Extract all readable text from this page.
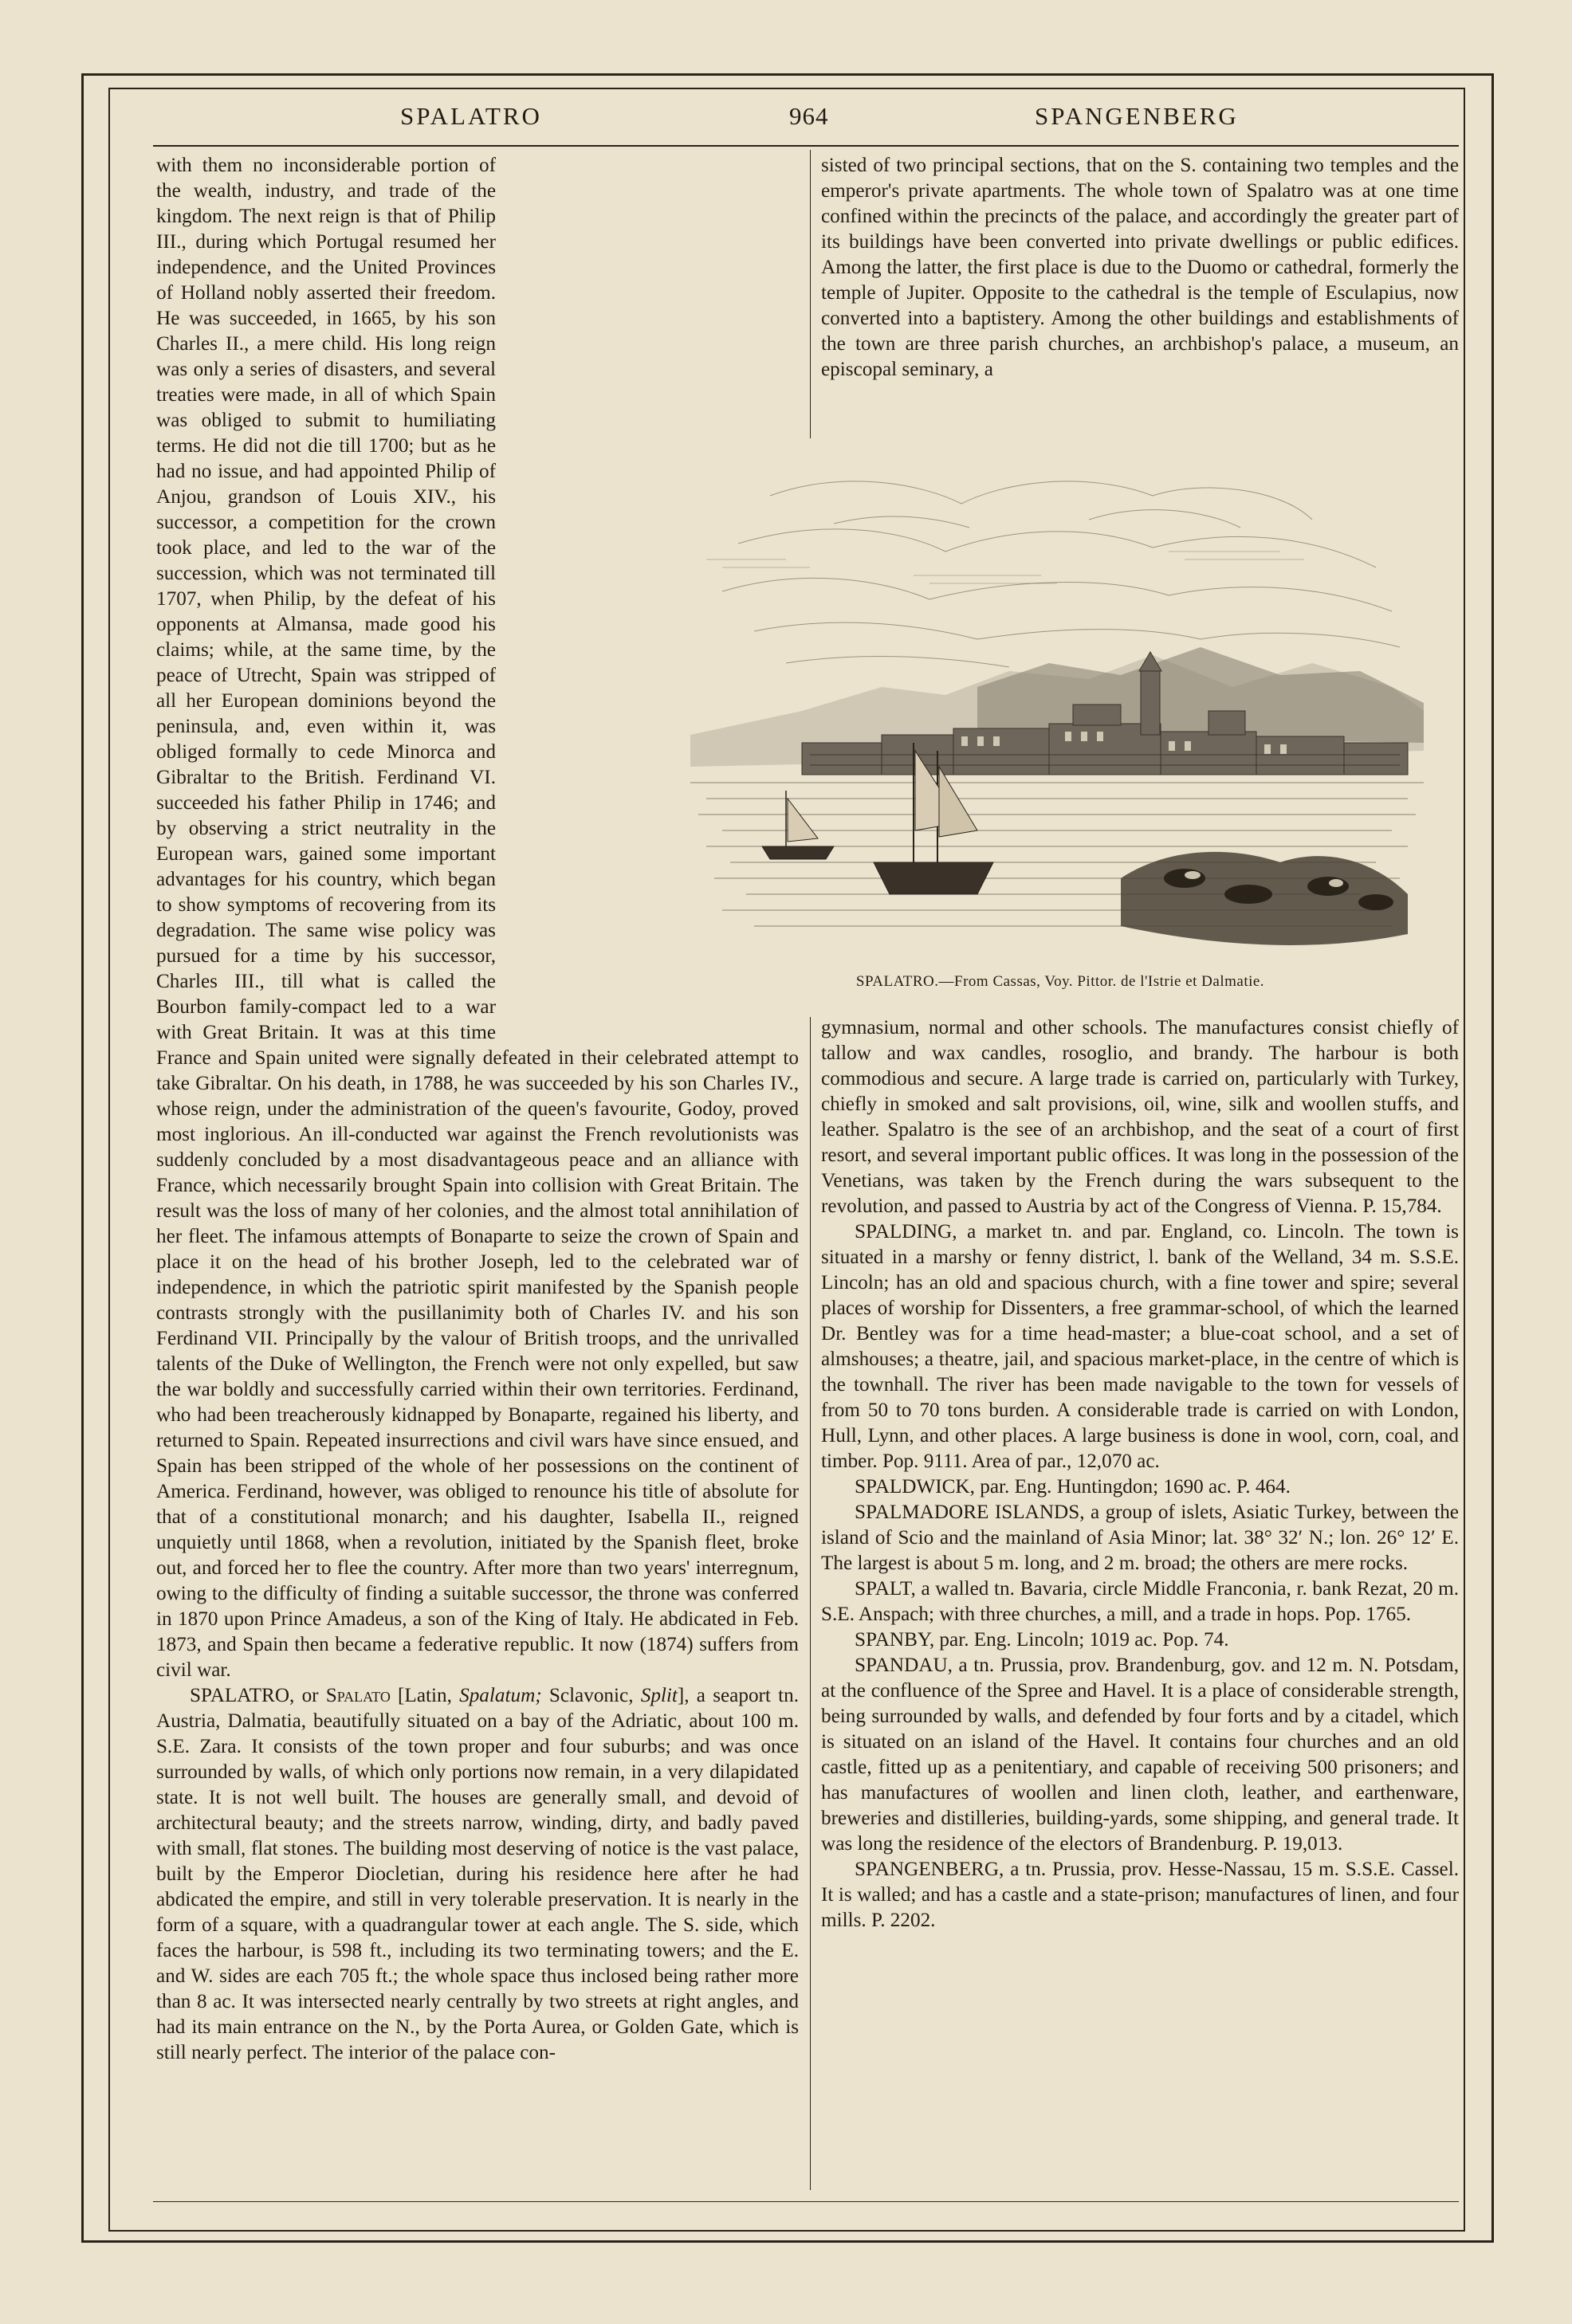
SPALATRO	964	SPANGENBERG

with them no inconsiderable portion of the wealth, industry, and trade of the kingdom. The next reign is that of Philip III., during which Portugal resumed her independence, and the United Provinces of Holland nobly asserted their freedom. He was succeeded, in 1665, by his son Charles II., a mere child. His long reign was only a series of disasters, and several treaties were made, in all of which Spain was obliged to submit to humiliating terms. He did not die till 1700; but as he had no issue, and had appointed Philip of Anjou, grandson of Louis XIV., his successor, a competition for the crown took place, and led to the war of the succession, which was not terminated till 1707, when Philip, by the defeat of his opponents at Almansa, made good his claims; while, at the same time, by the peace of Utrecht, Spain was stripped of all her European dominions beyond the peninsula, and, even within it, was obliged formally to cede Minorca and Gibraltar to the British. Ferdinand VI. succeeded his father Philip in 1746; and by observing a strict neutrality in the European wars, gained some important advantages for his country, which began to show symptoms of recovering from its degradation. The same wise policy was pursued for a time by his successor, Charles III., till what is called the Bourbon family-compact led to a war with Great Britain. It was at this time France and Spain united were signally defeated in their celebrated attempt to take Gibraltar. On his death, in 1788, he was succeeded by his son Charles IV., whose reign, under the administration of the queen's favourite, Godoy, proved most inglorious. An ill-conducted war against the French revolutionists was suddenly concluded by a most disadvantageous peace and an alliance with France, which necessarily brought Spain into collision with Great Britain. The result was the loss of many of her colonies, and the almost total annihilation of her fleet. The infamous attempts of Bonaparte to seize the crown of Spain and place it on the head of his brother Joseph, led to the celebrated war of independence, in which the patriotic spirit manifested by the Spanish people contrasts strongly with the pusillanimity both of Charles IV. and his son Ferdinand VII. Principally by the valour of British troops, and the unrivalled talents of the Duke of Wellington, the French were not only expelled, but saw the war boldly and successfully carried within their own territories. Ferdinand, who had been treacherously kidnapped by Bonaparte, regained his liberty, and returned to Spain. Repeated insurrections and civil wars have since ensued, and Spain has been stripped of the whole of her possessions on the continent of America. Ferdinand, however, was obliged to renounce his title of absolute for that of a constitutional monarch; and his daughter, Isabella II., reigned unquietly until 1868, when a revolution, initiated by the Spanish fleet, broke out, and forced her to flee the country. After more than two years' interregnum, owing to the difficulty of finding a suitable successor, the throne was conferred in 1870 upon Prince Amadeus, a son of the King of Italy. He abdicated in Feb. 1873, and Spain then became a federative republic. It now (1874) suffers from civil war.

SPALATRO, or Spalato [Latin, Spalatum; Sclavonic, Split], a seaport tn. Austria, Dalmatia, beautifully situated on a bay of the Adriatic, about 100 m. S.E. Zara. It consists of the town proper and four suburbs; and was once surrounded by walls, of which only portions now remain, in a very dilapidated state. It is not well built. The houses are generally small, and devoid of architectural beauty; and the streets narrow, winding, dirty, and badly paved with small, flat stones. The building most deserving of notice is the vast palace, built by the Emperor Diocletian, during his residence here after he had abdicated the empire, and still in very tolerable preservation. It is nearly in the form of a square, with a quadrangular tower at each angle. The S. side, which faces the harbour, is 598 ft., including its two terminating towers; and the E. and W. sides are each 705 ft.; the whole space thus inclosed being rather more than 8 ac. It was intersected nearly centrally by two streets at right angles, and had its main entrance on the N., by the Porta Aurea, or Golden Gate, which is still nearly perfect. The interior of the palace con-

sisted of two principal sections, that on the S. containing two temples and the emperor's private apartments. The whole town of Spalatro was at one time confined within the precincts of the palace, and accordingly the greater part of its buildings have been converted into private dwellings or public edifices. Among the latter, the first place is due to the Duomo or cathedral, formerly the temple of Jupiter. Opposite to the cathedral is the temple of Esculapius, now converted into a baptistery. Among the other buildings and establishments of the town are three parish churches, an archbishop's palace, a museum, an episcopal seminary, a

SPALATRO.—From Cassas, Voy. Pittor. de l'Istrie et Dalmatie.

gymnasium, normal and other schools. The manufactures consist chiefly of tallow and wax candles, rosoglio, and brandy. The harbour is both commodious and secure. A large trade is carried on, particularly with Turkey, chiefly in smoked and salt provisions, oil, wine, silk and woollen stuffs, and leather. Spalatro is the see of an archbishop, and the seat of a court of first resort, and several important public offices. It was long in the possession of the Venetians, was taken by the French during the wars subsequent to the revolution, and passed to Austria by act of the Congress of Vienna. P. 15,784.

SPALDING, a market tn. and par. England, co. Lincoln. The town is situated in a marshy or fenny district, l. bank of the Welland, 34 m. S.S.E. Lincoln; has an old and spacious church, with a fine tower and spire; several places of worship for Dissenters, a free grammar-school, of which the learned Dr. Bentley was for a time head-master; a blue-coat school, and a set of almshouses; a theatre, jail, and spacious market-place, in the centre of which is the townhall. The river has been made navigable to the town for vessels of from 50 to 70 tons burden. A considerable trade is carried on with London, Hull, Lynn, and other places. A large business is done in wool, corn, coal, and timber. Pop. 9111. Area of par., 12,070 ac.

SPALDWICK, par. Eng. Huntingdon; 1690 ac. P. 464.

SPALMADORE ISLANDS, a group of islets, Asiatic Turkey, between the island of Scio and the mainland of Asia Minor; lat. 38° 32′ N.; lon. 26° 12′ E. The largest is about 5 m. long, and 2 m. broad; the others are mere rocks.

SPALT, a walled tn. Bavaria, circle Middle Franconia, r. bank Rezat, 20 m. S.E. Anspach; with three churches, a mill, and a trade in hops. Pop. 1765.

SPANBY, par. Eng. Lincoln; 1019 ac. Pop. 74.

SPANDAU, a tn. Prussia, prov. Brandenburg, gov. and 12 m. N. Potsdam, at the confluence of the Spree and Havel. It is a place of considerable strength, being surrounded by walls, and defended by four forts and by a citadel, which is situated on an island of the Havel. It contains four churches and an old castle, fitted up as a penitentiary, and capable of receiving 500 prisoners; and has manufactures of woollen and linen cloth, leather, and earthenware, breweries and distilleries, building-yards, some shipping, and general trade. It was long the residence of the electors of Brandenburg. P. 19,013.

SPANGENBERG, a tn. Prussia, prov. Hesse-Nassau, 15 m. S.S.E. Cassel. It is walled; and has a castle and a state-prison; manufactures of linen, and four mills. P. 2202.
